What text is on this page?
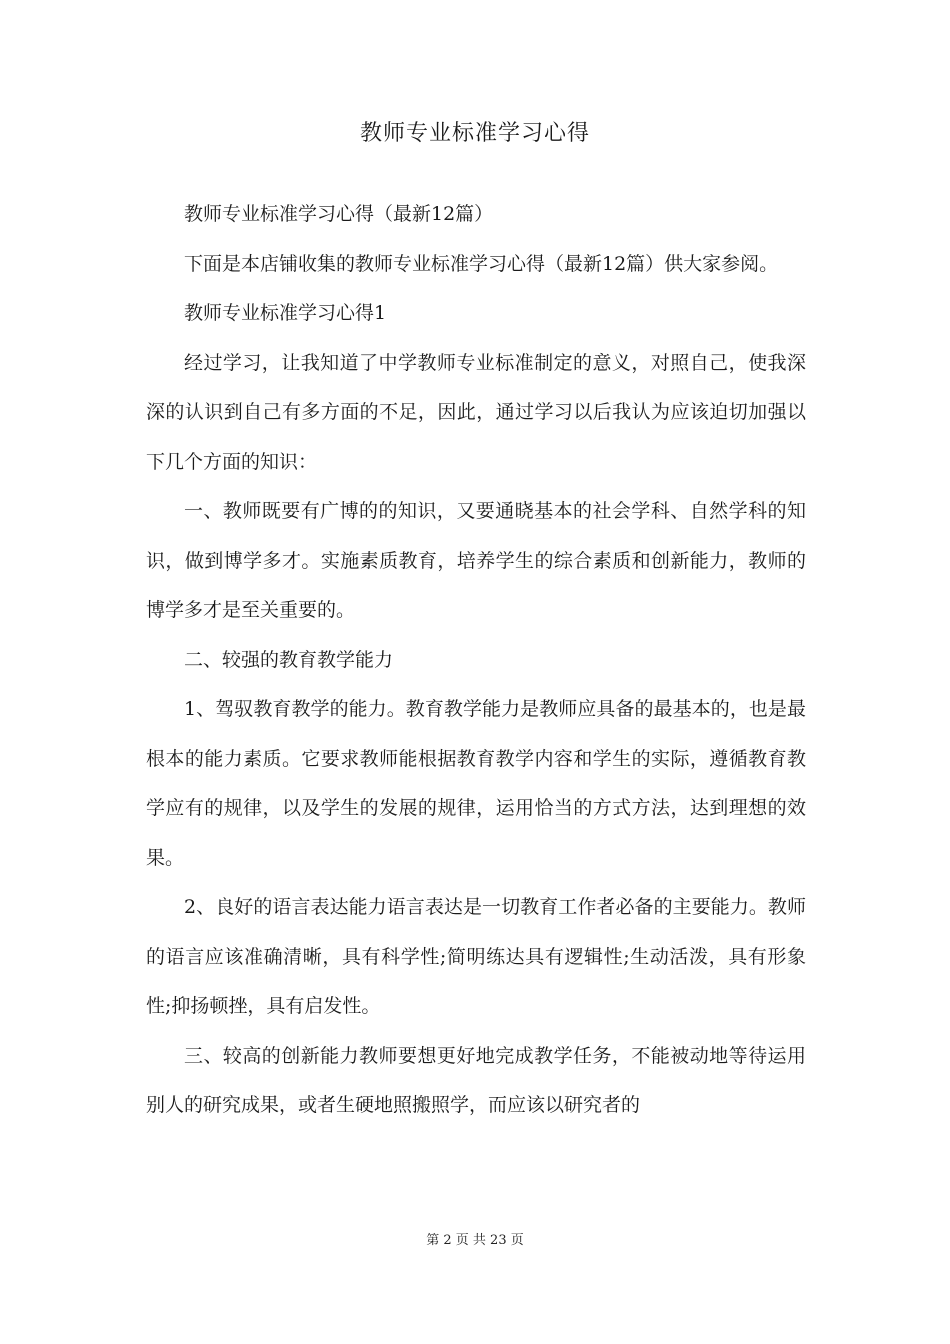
教师专业标准学习心得

教师专业标准学习心得（最新12篇）

下面是本店铺收集的教师专业标准学习心得（最新12篇）供大家参阅。

教师专业标准学习心得1

经过学习，让我知道了中学教师专业标准制定的意义，对照自己，使我深深的认识到自己有多方面的不足，因此，通过学习以后我认为应该迫切加强以下几个方面的知识：

一、教师既要有广博的的知识，又要通晓基本的社会学科、自然学科的知识，做到博学多才。实施素质教育，培养学生的综合素质和创新能力，教师的博学多才是至关重要的。

二、较强的教育教学能力

1、驾驭教育教学的能力。教育教学能力是教师应具备的最基本的，也是最根本的能力素质。它要求教师能根据教育教学内容和学生的实际，遵循教育教学应有的规律，以及学生的发展的规律，运用恰当的方式方法，达到理想的效果。

2、良好的语言表达能力语言表达是一切教育工作者必备的主要能力。教师的语言应该准确清晰，具有科学性;简明练达具有逻辑性;生动活泼，具有形象性;抑扬顿挫，具有启发性。

三、较高的创新能力教师要想更好地完成教学任务，不能被动地等待运用别人的研究成果，或者生硬地照搬照学，而应该以研究者的

第 2 页 共 23 页
